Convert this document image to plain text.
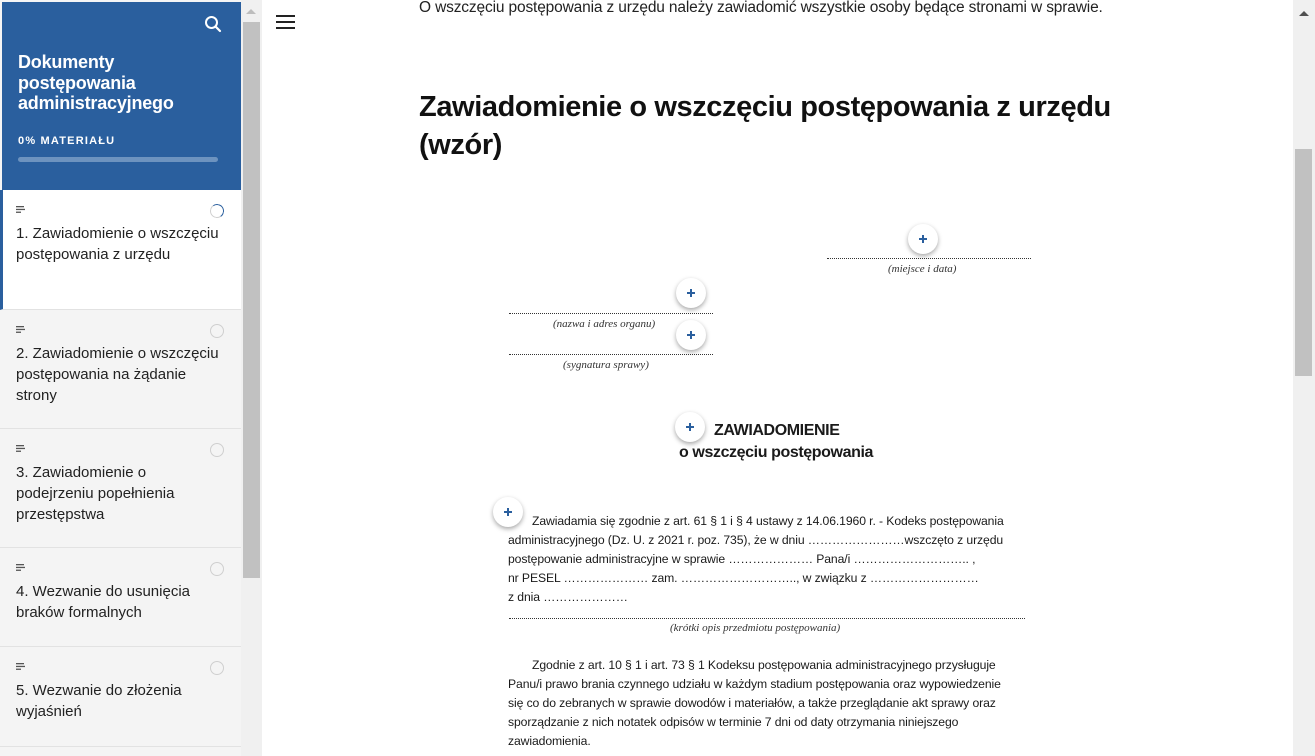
Dokumenty postępowania administracyjnego
0% MATERIAŁU
1. Zawiadomienie o wszczęciu postępowania z urzędu
2. Zawiadomienie o wszczęciu postępowania na żądanie strony
3. Zawiadomienie o podejrzeniu popełnienia przestępstwa
4. Wezwanie do usunięcia braków formalnych
5. Wezwanie do złożenia wyjaśnień

O wszczęciu postępowania z urzędu należy zawiadomić wszystkie osoby będące stronami w sprawie.

Zawiadomienie o wszczęciu postępowania z urzędu (wzór)
(miejsce i data)
(nazwa i adres organu)
(sygnatura sprawy)
ZAWIADOMIENIE
o wszczęciu postępowania
Zawiadamia się zgodnie z art. 61 § 1 i § 4 ustawy z 14.06.1960 r. - Kodeks postępowania
administracyjnego (Dz. U. z 2021 r. poz. 735), że w dniu ……………………wszczęto z urzędu
postępowanie administracyjne w sprawie ………………… Pana/i ……………………….. ,
nr PESEL ………………… zam. ……………………….., w związku z ………………………
z dnia …………………
(krótki opis przedmiotu postępowania)
Zgodnie z art. 10 § 1 i art. 73 § 1 Kodeksu postępowania administracyjnego przysługuje
Panu/i prawo brania czynnego udziału w każdym stadium postępowania oraz wypowiedzenie
się co do zebranych w sprawie dowodów i materiałów, a także przeglądanie akt sprawy oraz
sporządzanie z nich notatek odpisów w terminie 7 dni od daty otrzymania niniejszego
zawiadomienia.
